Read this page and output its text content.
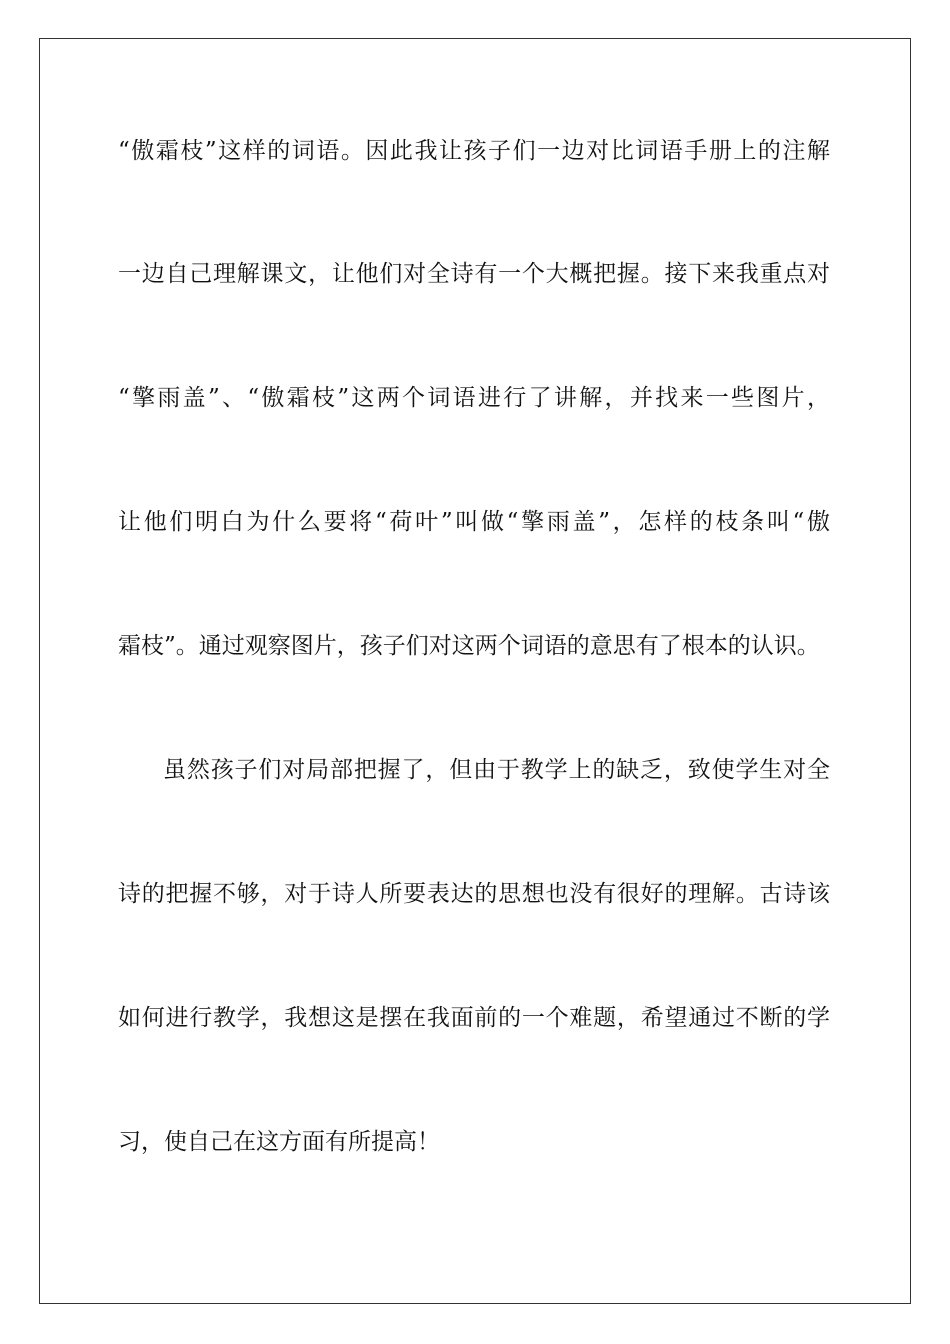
“傲霜枝”这样的词语。因此我让孩子们一边对比词语手册上的注解
一边自己理解课文，让他们对全诗有一个大概把握。接下来我重点对
“擎雨盖”、“傲霜枝”这两个词语进行了讲解，并找来一些图片，
让他们明白为什么要将“荷叶”叫做“擎雨盖”，怎样的枝条叫“傲
霜枝”。通过观察图片，孩子们对这两个词语的意思有了根本的认识。
虽然孩子们对局部把握了，但由于教学上的缺乏，致使学生对全
诗的把握不够，对于诗人所要表达的思想也没有很好的理解。古诗该
如何进行教学，我想这是摆在我面前的一个难题，希望通过不断的学
习，使自己在这方面有所提高！
